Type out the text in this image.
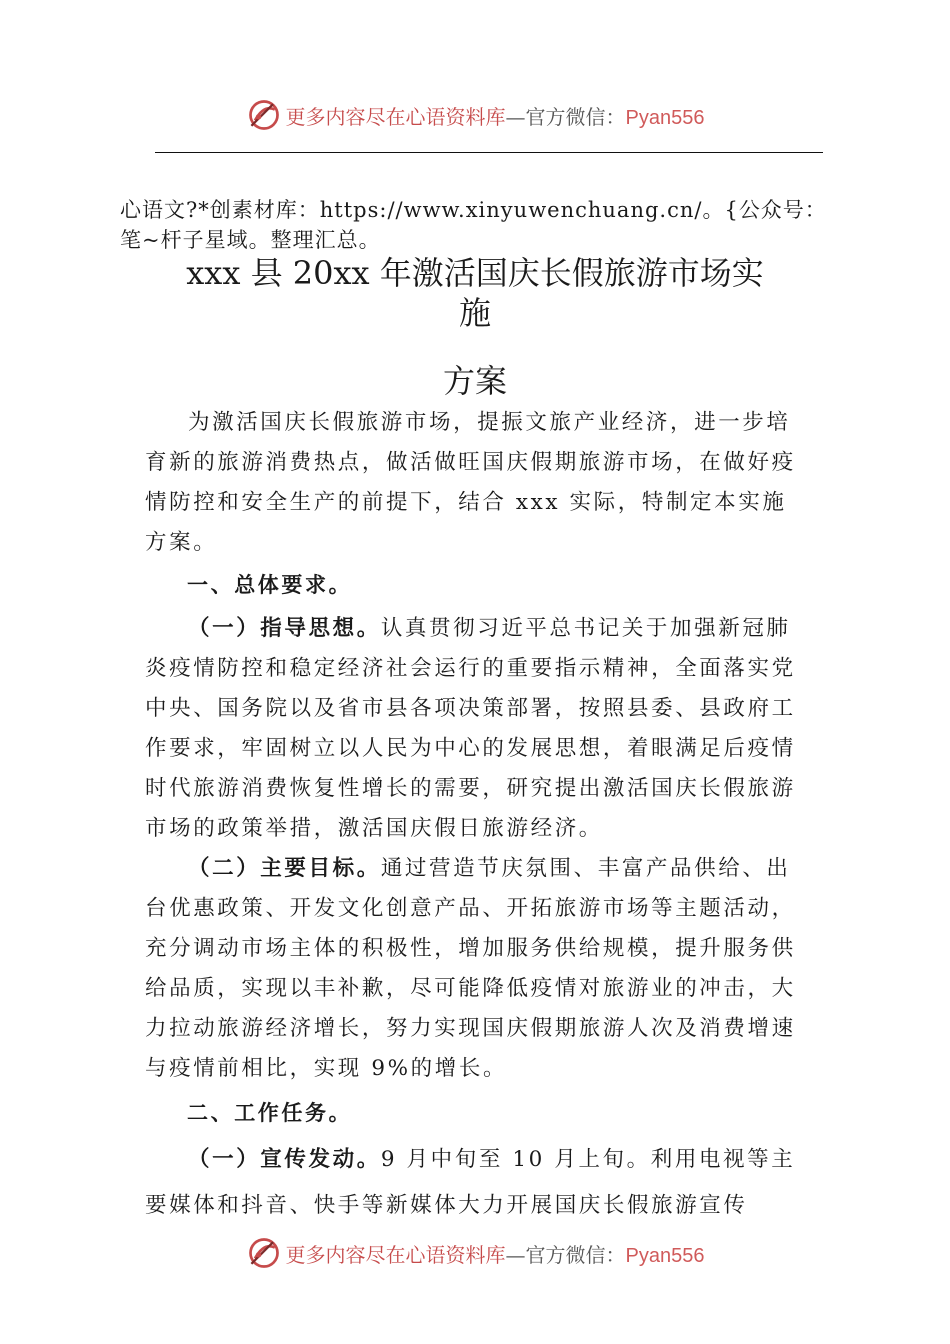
更多内容尽在心语资料库—官方微信：Pyan556
心语文?*创素材库：https://www.xinyuwenchuang.cn/。{公众号：笔~杆子星域。整理汇总。
xxx 县 20xx 年激活国庆长假旅游市场实
施
方案

为激活国庆长假旅游市场，提振文旅产业经济，进一步培育新的旅游消费热点，做活做旺国庆假期旅游市场，在做好疫情防控和安全生产的前提下，结合 xxx 实际，特制定本实施方案。

一、总体要求。

（一）指导思想。认真贯彻习近平总书记关于加强新冠肺炎疫情防控和稳定经济社会运行的重要指示精神，全面落实党中央、国务院以及省市县各项决策部署，按照县委、县政府工作要求，牢固树立以人民为中心的发展思想，着眼满足后疫情时代旅游消费恢复性增长的需要，研究提出激活国庆长假旅游市场的政策举措，激活国庆假日旅游经济。

（二）主要目标。通过营造节庆氛围、丰富产品供给、出台优惠政策、开发文化创意产品、开拓旅游市场等主题活动，充分调动市场主体的积极性，增加服务供给规模，提升服务供给品质，实现以丰补歉，尽可能降低疫情对旅游业的冲击，大力拉动旅游经济增长，努力实现国庆假期旅游人次及消费增速与疫情前相比，实现 9%的增长。

二、工作任务。

（一）宣传发动。9 月中旬至 10 月上旬。利用电视等主要媒体和抖音、快手等新媒体大力开展国庆长假旅游宣传

更多内容尽在心语资料库—官方微信：Pyan556
